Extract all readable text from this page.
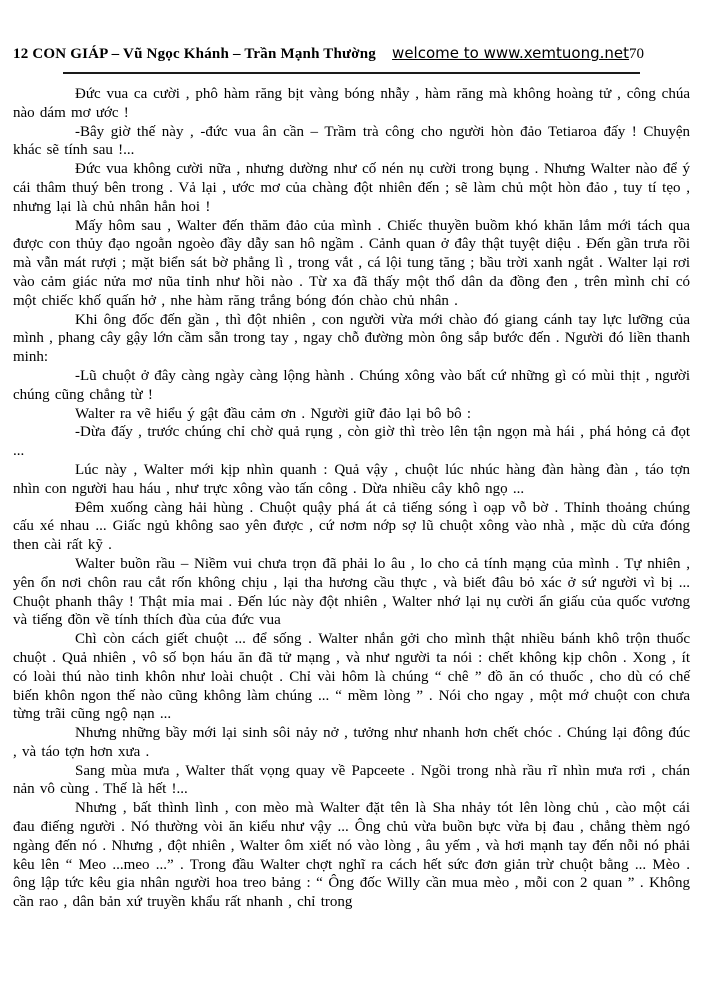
12 CON GIÁP – Vũ Ngọc Khánh – Trần Mạnh Thường welcome to www.xemtuong.net 70

Đức vua ca cười , phô hàm răng bịt vàng bóng nhẫy , hàm răng mà không hoàng tử , công chúa nào dám mơ ước !

-Bây giờ thế này , -đức vua ân cần – Trầm trà công cho người hòn đảo Tetiaroa đấy ! Chuyện khác sẽ tính sau !...

Đức vua không cười nữa , nhưng dường như cố nén nụ cười trong bụng . Nhưng Walter nào để ý cái thâm thuý bên trong . Vả lại , ước mơ của chàng đột nhiên đến ; sẽ làm chủ một hòn đảo , tuy tí tẹo , nhưng lại là chủ nhân hẳn hoi !

Mấy hôm sau , Walter đến thăm đảo của mình . Chiếc thuyền buồm khó khăn lắm mới tách qua được con thủy đạo ngoằn ngoèo đầy dẫy san hô ngầm . Cảnh quan ở đây thật tuyệt diệu . Đến gần trưa rồi mà vẫn mát rượi ; mặt biển sát bờ phẳng lì , trong vắt , cá lội tung tăng ; bầu trời xanh ngắt . Walter lại rơi vào cảm giác nửa mơ nũa tỉnh như hồi nào . Từ xa đã thấy một thổ dân da đồng đen , trên mình chỉ có một chiếc khố quấn hở , nhe hàm răng trắng bóng đón chào chủ nhân .

Khi ông đốc đến gần , thì đột nhiên , con người vừa mới chào đó giang cánh tay lực lưỡng của mình , phang cây gậy lớn cầm sẵn trong tay , ngay chỗ đường mòn ông sắp bước đến . Người đó liền thanh minh:

-Lũ chuột ở đây càng ngày càng lộng hành . Chúng xông vào bất cứ những gì có mùi thịt , người chúng cũng chẳng từ !

Walter ra vẽ hiểu ý gật đầu cảm ơn . Người giữ đảo lại bô bô :

-Dừa đấy , trước chúng chỉ chờ quả rụng , còn giờ thì trèo lên tận ngọn mà hái , phá hỏng cả đọt ...

Lúc này , Walter mới kịp nhìn quanh : Quả vậy , chuột lúc nhúc hàng đàn hàng đàn , táo tợn nhìn con người hau háu , như trực xông vào tấn công . Dừa nhiều cây khô ngọ ...

Đêm xuống càng hải hùng . Chuột quậy phá át cả tiếng sóng ì oạp vỗ bờ . Thỉnh thoảng chúng cấu xé nhau ... Giấc ngủ không sao yên được , cứ nơm nớp sợ lũ chuột xông vào nhà , mặc dù cửa đóng then cài rất kỹ .

Walter buồn rầu – Niềm vui chưa trọn đã phải lo âu , lo cho cả tính mạng của mình . Tự nhiên , yên ổn nơi chôn rau cắt rốn không chịu , lại tha hương cầu thực , và biết đâu bỏ xác ở sứ người vì bị ... Chuột phanh thây ! Thật mỉa mai . Đến lúc này đột nhiên , Walter nhớ lại nụ cười ẩn giấu của quốc vương và tiếng đồn về tính thích đùa của đức vua

Chì còn cách giết chuột ... để sống . Walter nhắn gởi cho mình thật nhiều bánh khô trộn thuốc chuột . Quả nhiên , vô số bọn háu ăn đã tử mạng , và như người ta nói : chết không kịp chôn . Xong , ít có loài thú nào tinh khôn như loài chuột . Chỉ vài hôm là chúng “ chê ” đồ ăn có thuốc , cho dù có chế biến khôn ngon thế nào cũng không làm chúng ... “ mềm lòng ” . Nói cho ngay , một mớ chuột con chưa từng trãi cũng ngộ nạn ...

Nhưng những bầy mới lại sinh sôi nảy nở , tưởng như nhanh hơn chết chóc . Chúng lại đông đúc , và táo tợn hơn xưa .

Sang mùa mưa , Walter thất vọng quay về Papceete . Ngồi trong nhà rầu rĩ nhìn mưa rơi , chán nản vô cùng . Thế là hết !...

Nhưng , bất thình lình , con mèo mà Walter đặt tên là Sha nhảy tót lên lòng chủ , cào một cái đau điếng người . Nó thường vòi ăn kiểu như vậy ... Ông chủ vừa buồn bực vừa bị đau , chẳng thèm ngó ngàng đến nó . Nhưng , đột nhiên , Walter ôm xiết nó vào lòng , âu yếm , và hơi mạnh tay đến nỗi nó phải kêu lên “ Meo ...meo ...” . Trong đầu Walter chợt nghĩ ra cách hết sức đơn giản trừ chuột bằng ... Mèo . ông lập tức kêu gia nhân người hoa treo bảng : “ Ông đốc Willy cần mua mèo , mỗi con 2 quan ” . Không cần rao , dân bản xứ truyền khẩu rất nhanh , chỉ trong
